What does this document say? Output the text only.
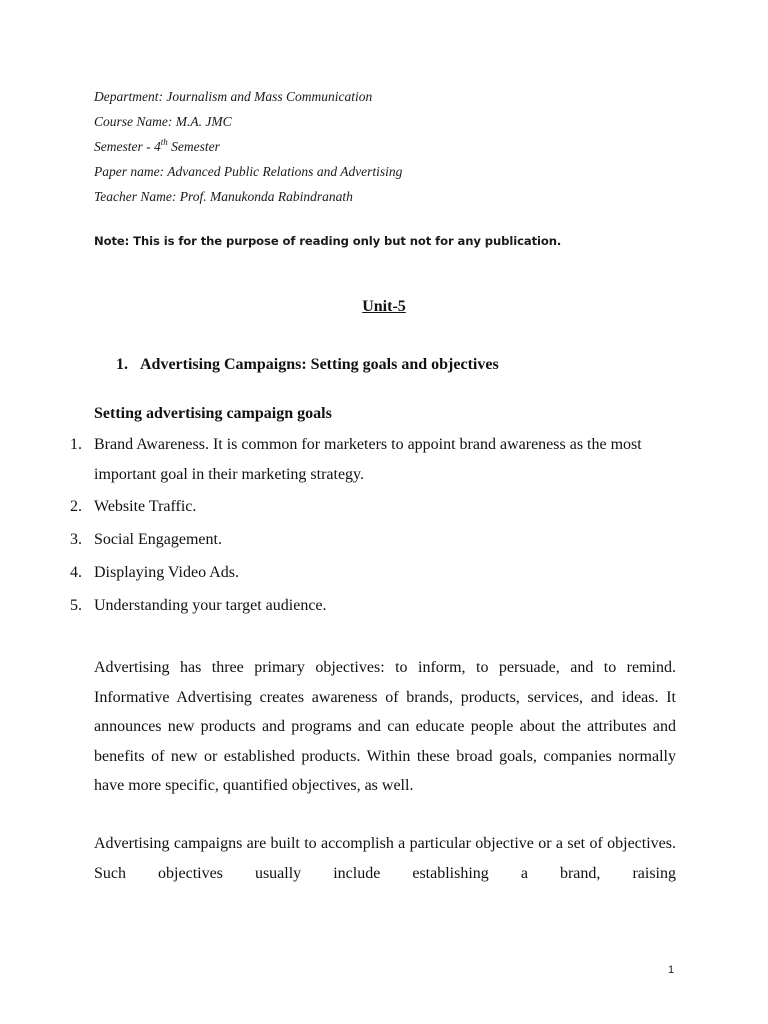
Department: Journalism and Mass Communication
Course Name: M.A. JMC
Semester - 4th Semester
Paper name: Advanced Public Relations and Advertising
Teacher Name: Prof. Manukonda Rabindranath
Note: This is for the purpose of reading only but not for any publication.
Unit-5
1. Advertising Campaigns: Setting goals and objectives
Setting advertising campaign goals
1. Brand Awareness. It is common for marketers to appoint brand awareness as the most important goal in their marketing strategy.
2. Website Traffic.
3. Social Engagement.
4. Displaying Video Ads.
5. Understanding your target audience.
Advertising has three primary objectives: to inform, to persuade, and to remind. Informative Advertising creates awareness of brands, products, services, and ideas. It announces new products and programs and can educate people about the attributes and benefits of new or established products. Within these broad goals, companies normally have more specific, quantified objectives, as well.
Advertising campaigns are built to accomplish a particular objective or a set of objectives. Such objectives usually include establishing a brand, raising
1
